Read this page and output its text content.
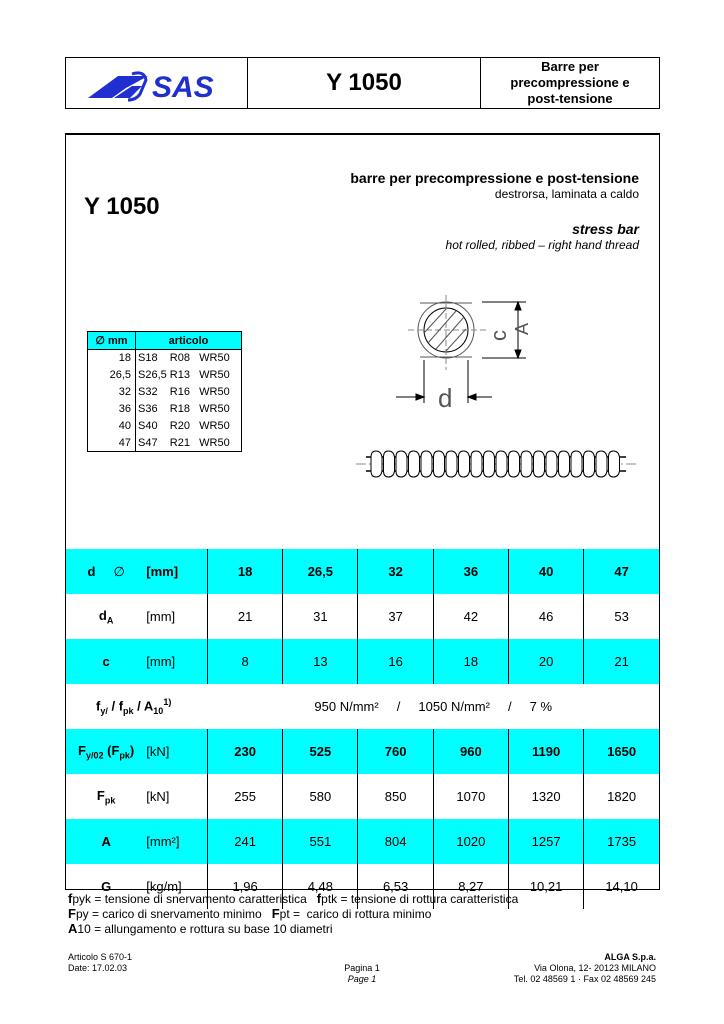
SAS	Y 1050
Barre per
precompressione e
post-tensione
barre per precompressione e post-tensione
destrorsa, laminata a caldo
Y 1050
stress bar
hot rolled, ribbed – right hand thread
c
A
d
∅ mm	articolo
18	S18    R08   WR50
26,5	S26,5 R13   WR50
32	S32    R16   WR50
36	S36    R18   WR50
40	S40    R20   WR50
47	S47    R21   WR50
d ∅	[mm]	18	26,5	32	36	40	47
$d_A$	[mm]	21	31	37	42	46	53
c	[mm]	8	13	16	18	20	21
$f_{y/} / f_{pk} / A_{10}^{1)}$		950 N/mm²     /     1050 N/mm²     /     7 %					
$F_{y/02}$ $(F_{pk})$	[kN]	230	525	760	960	1190	1650
$F_{pk}$	[kN]	255	580	850	1070	1320	1820
A	[mm²]	241	551	804	1020	1257	1735
G	[kg/m]	1,96	4,48	6,53	8,27	10,21	14,10
fpyk = tensione di snervamento caratteristica   fptk = tensione di rottura caratteristica
Fpy = carico di snervamento minimo   Fpt =  carico di rottura minimo
A10 = allungamento e rottura su base 10 diametri
Articolo S 670-1
Date: 17.02.03	Pagina 1
Page 1
ALGA S.p.a.
Via Olona, 12- 20123 MILANO
Tel. 02 48569 1 · Fax 02 48569 245
